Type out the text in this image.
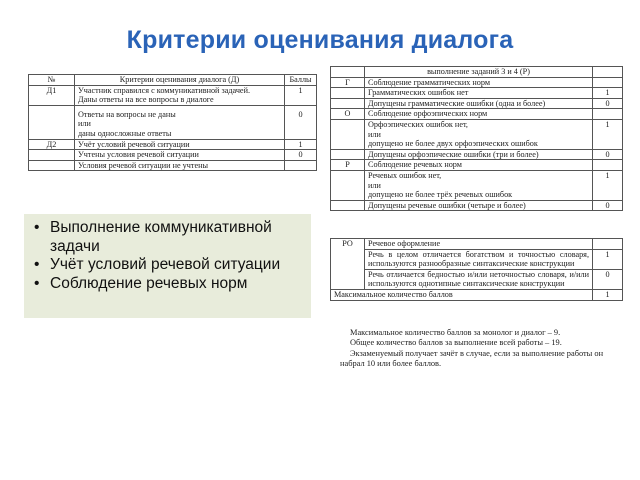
Критерии оценивания диалога
№	Критерии оценивания диалога (Д)	Баллы
Д1	Участник справился с коммуникативной задачей.
Даны ответы на все вопросы в диалоге	1

	Ответы на вопросы не даны
или
даны односложные ответы	0

Д2	Учёт условий речевой ситуации	1
	Учтены условия речевой ситуации	0
	Условия речевой ситуации не учтены	
	выполнение заданий 3 и 4 (Р)	
Г	Соблюдение грамматических норм	
	Грамматических ошибок нет	1
	Допущены грамматические ошибки (одна и более)	0
О	Соблюдение орфоэпических норм	

	Орфоэпических ошибок нет,
или
допущено не более двух орфоэпических ошибок	1
	Допущены орфоэпические ошибки (три и более)	0
Р	Соблюдение речевых норм	

	Речевых ошибок нет,
или
допущено не более трёх речевых ошибок	1
	Допущены речевые ошибки (четыре и более)	0
РО	Речевое оформление	
	Речь в целом отличается богатством и точностью словаря, используются разнообразные синтаксические конструкции	1
	Речь отличается бедностью и/или неточностью словаря, и/или используются однотипные синтаксические конструкции	0
Максимальное количество баллов		1

Максимальное количество баллов за монолог и диалог – 9.

Общее количество баллов за выполнение всей работы – 19.

Экзаменуемый получает зачёт в случае, если за выполнение работы он набрал 10 или более баллов.

• Выполнение коммуникативной задачи
• Учёт условий речевой ситуации
• Соблюдение речевых норм
